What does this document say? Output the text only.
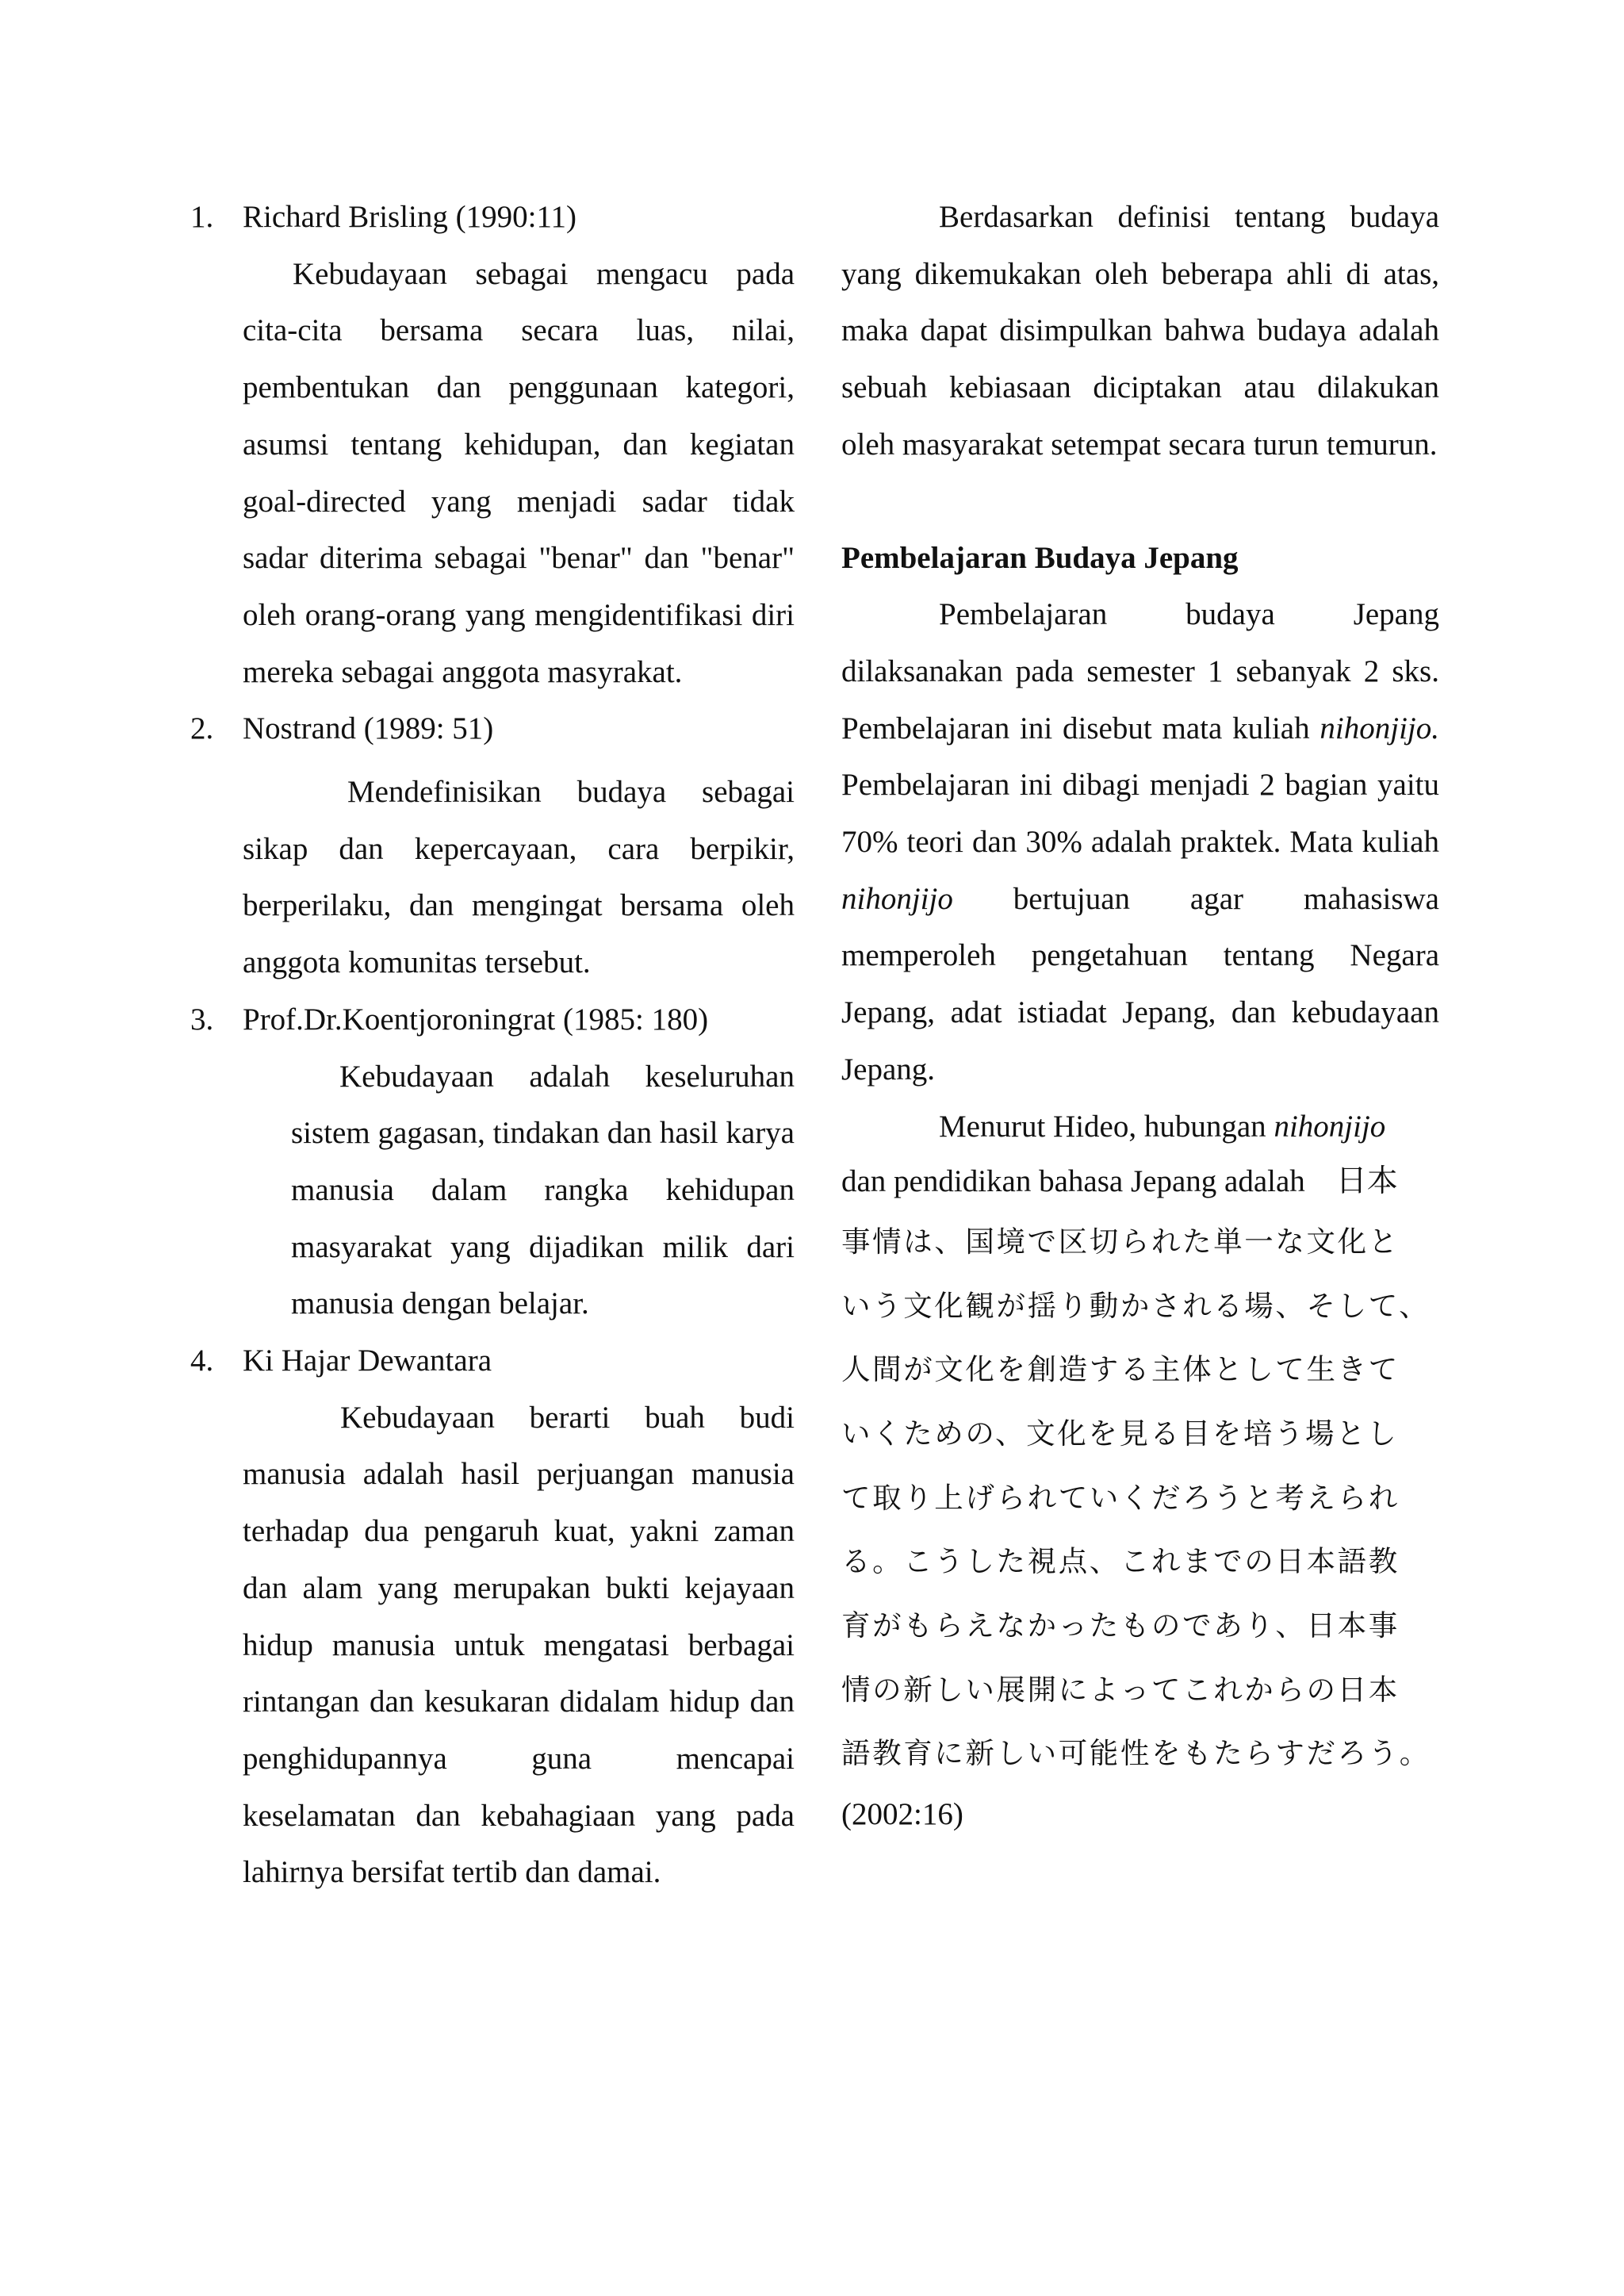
1. Richard Brisling (1990:11)

Kebudayaan sebagai mengacu pada cita-cita bersama secara luas, nilai, pembentukan dan penggunaan kategori, asumsi tentang kehidupan, dan kegiatan goal-directed yang menjadi sadar tidak sadar diterima sebagai "benar" dan "benar" oleh orang-orang yang mengidentifikasi diri mereka sebagai anggota masyrakat.

2. Nostrand (1989: 51)

Mendefinisikan budaya sebagai sikap dan kepercayaan, cara berpikir, berperilaku, dan mengingat bersama oleh anggota komunitas tersebut.

3. Prof.Dr.Koentjoroningrat (1985: 180)

Kebudayaan adalah keseluruhan sistem gagasan, tindakan dan hasil karya manusia dalam rangka kehidupan masyarakat yang dijadikan milik dari manusia dengan belajar.

4. Ki Hajar Dewantara

Kebudayaan berarti buah budi manusia adalah hasil perjuangan manusia terhadap dua pengaruh kuat, yakni zaman dan alam yang merupakan bukti kejayaan hidup manusia untuk mengatasi berbagai rintangan dan kesukaran didalam hidup dan penghidupannya guna mencapai keselamatan dan kebahagiaan yang pada lahirnya bersifat tertib dan damai.

Berdasarkan definisi tentang budaya yang dikemukakan oleh beberapa ahli di atas, maka dapat disimpulkan bahwa budaya adalah sebuah kebiasaan diciptakan atau dilakukan oleh masyarakat setempat secara turun temurun.

Pembelajaran Budaya Jepang

Pembelajaran budaya Jepang dilaksanakan pada semester 1 sebanyak 2 sks. Pembelajaran ini disebut mata kuliah nihonjijo. Pembelajaran ini dibagi menjadi 2 bagian yaitu 70% teori dan 30% adalah praktek. Mata kuliah nihonjijo bertujuan agar mahasiswa memperoleh pengetahuan tentang Negara Jepang, adat istiadat Jepang, dan kebudayaan Jepang.

Menurut Hideo, hubungan nihonjijo

dan pendidikan bahasa Jepang adalah　日本

事情は、国境で区切られた単一な文化と
いう文化観が揺り動かされる場、そして、
人間が文化を創造する主体として生きて
いくための、文化を見る目を培う場とし
て取り上げられていくだろうと考えられ
る。こうした視点、これまでの日本語教
育がもらえなかったものであり、日本事
情の新しい展開によってこれからの日本
語教育に新しい可能性をもたらすだろう。

(2002:16)
